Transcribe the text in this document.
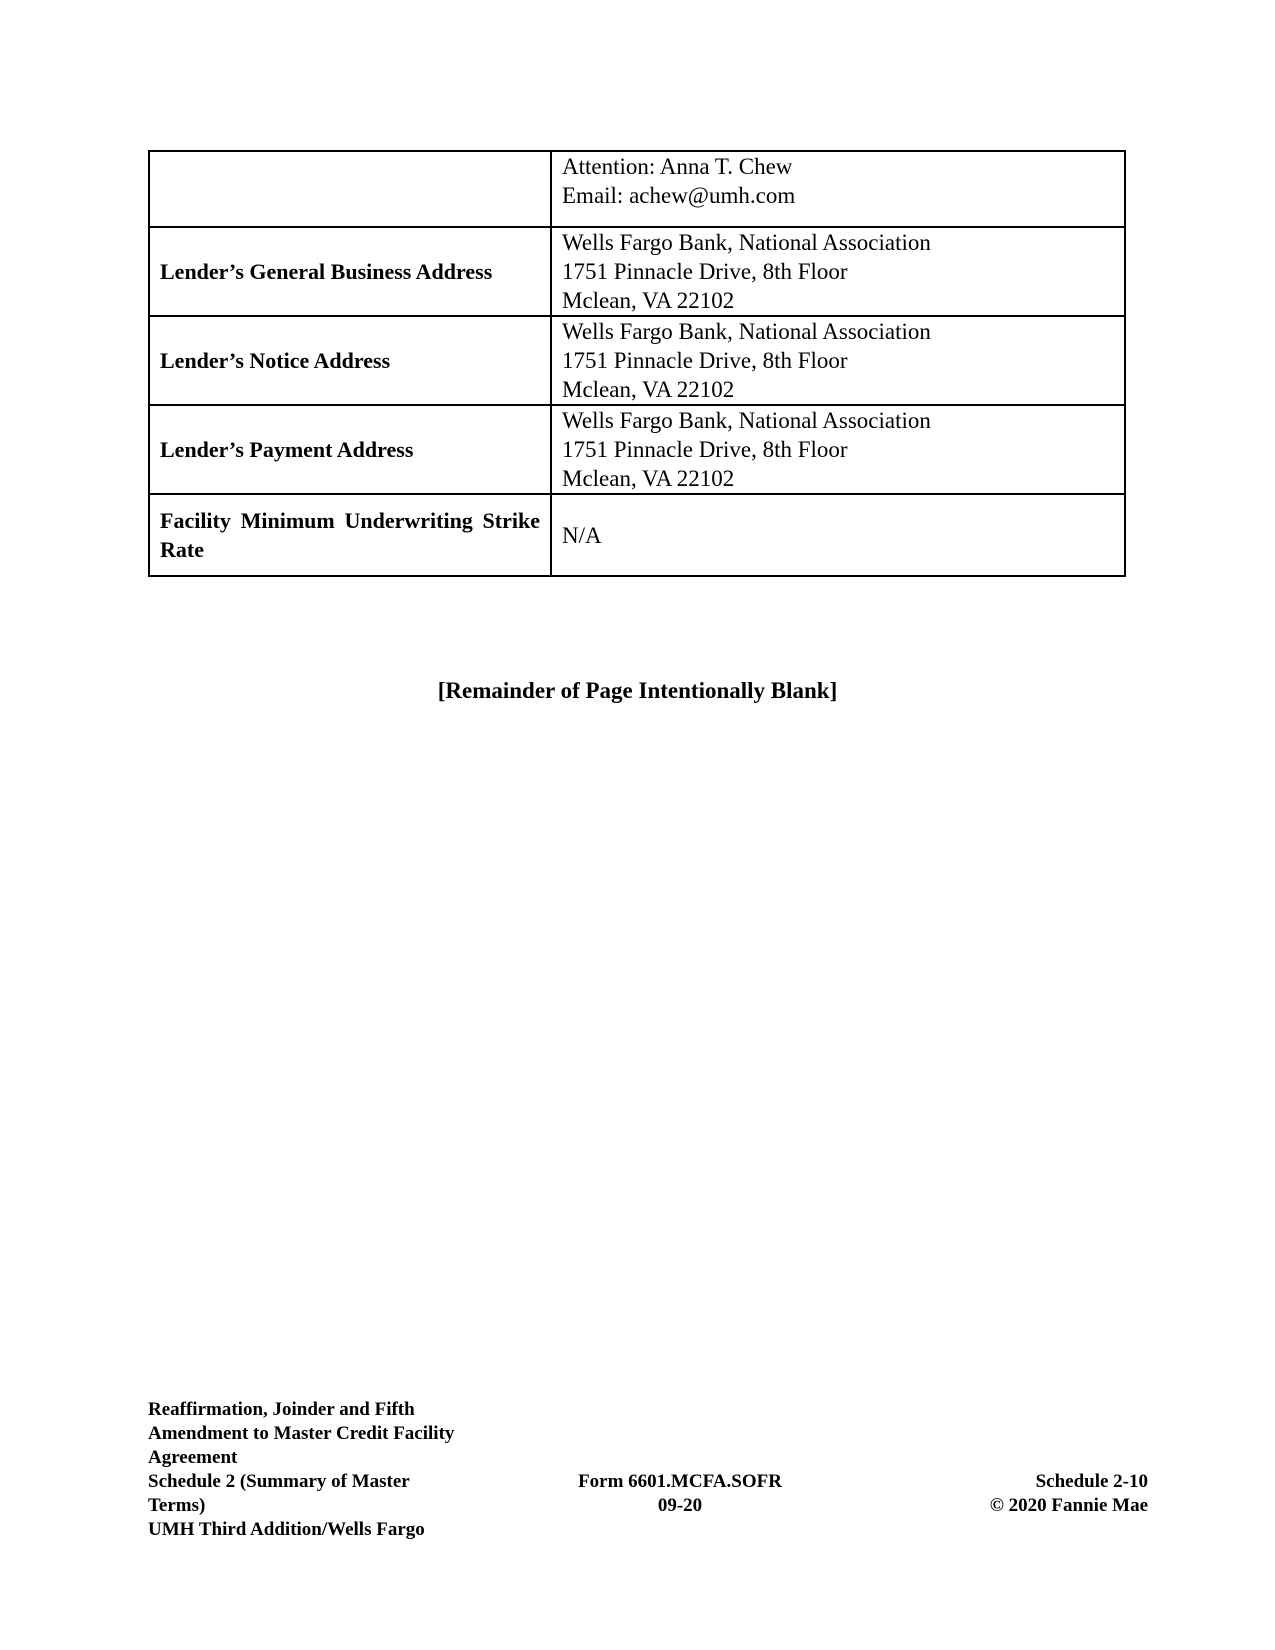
	Attention: Anna T. Chew
Email: achew@umh.com

Lender’s General Business Address	Wells Fargo Bank, National Association
1751 Pinnacle Drive, 8th Floor
Mclean, VA 22102

Lender’s Notice Address	Wells Fargo Bank, National Association
1751 Pinnacle Drive, 8th Floor
Mclean, VA 22102

Lender’s Payment Address	Wells Fargo Bank, National Association
1751 Pinnacle Drive, 8th Floor
Mclean, VA 22102

Facility Minimum Underwriting Strike Rate	N/A
[Remainder of Page Intentionally Blank]
Reaffirmation, Joinder and Fifth
Amendment to Master Credit Facility
Agreement
Schedule 2 (Summary of Master
Terms)
UMH Third Addition/Wells Fargo
Form 6601.MCFA.SOFR
09-20
Schedule 2-10
© 2020 Fannie Mae
